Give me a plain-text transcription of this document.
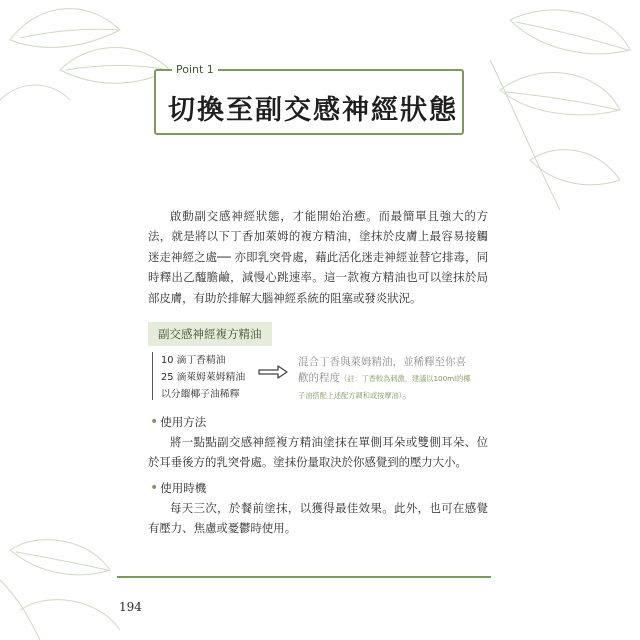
Point 1
切換至副交感神經狀態

啟動副交感神經狀態，才能開始治癒。而最簡單且強大的方法，就是將以下丁香加萊姆的複方精油，塗抹於皮膚上最容易接觸迷走神經之處── 亦即乳突骨處，藉此活化迷走神經並替它排毒，同時釋出乙醯膽鹼，減慢心跳速率。這一款複方精油也可以塗抹於局部皮膚，有助於排解大腦神經系統的阻塞或發炎狀況。

副交感神經複方精油
10 滴丁香精油
25 滴萊姆萊姆精油
以分餾椰子油稀釋
混合丁香與萊姆精油，並稀釋至你喜歡的程度（註：丁香較為刺激，建議以100ml的椰子油搭配上述配方調和或按摩油）。
• 使用方法

將一點點副交感神經複方精油塗抹在單側耳朵或雙側耳朵、位於耳垂後方的乳突骨處。塗抹份量取決於你感覺到的壓力大小。

• 使用時機

每天三次，於餐前塗抹，以獲得最佳效果。此外，也可在感覺有壓力、焦慮或憂鬱時使用。

194
